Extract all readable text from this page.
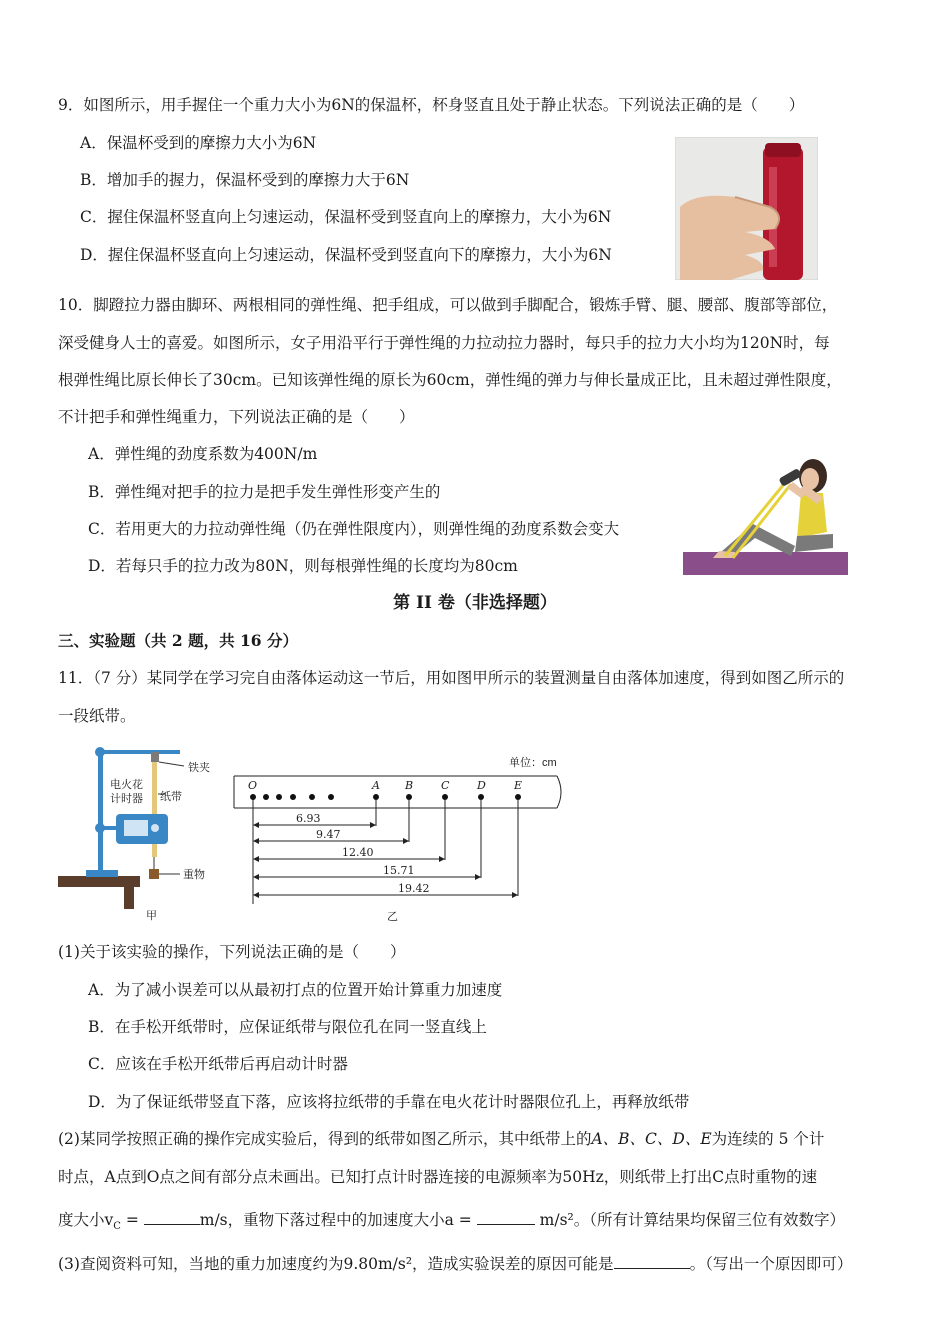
9．如图所示，用手握住一个重力大小为6N的保温杯，杯身竖直且处于静止状态。下列说法正确的是（　　）
A．保温杯受到的摩擦力大小为6N
B．增加手的握力，保温杯受到的摩擦力大于6N
C．握住保温杯竖直向上匀速运动，保温杯受到竖直向上的摩擦力，大小为6N
D．握住保温杯竖直向上匀速运动，保温杯受到竖直向下的摩擦力，大小为6N
10．脚蹬拉力器由脚环、两根相同的弹性绳、把手组成，可以做到手脚配合，锻炼手臂、腿、腰部、腹部等部位，
深受健身人士的喜爱。如图所示，女子用沿平行于弹性绳的力拉动拉力器时，每只手的拉力大小均为120N时，每
根弹性绳比原长伸长了30cm。已知该弹性绳的原长为60cm，弹性绳的弹力与伸长量成正比，且未超过弹性限度，
不计把手和弹性绳重力，下列说法正确的是（　　）
A．弹性绳的劲度系数为400N/m
B．弹性绳对把手的拉力是把手发生弹性形变产生的
C．若用更大的力拉动弹性绳（仍在弹性限度内），则弹性绳的劲度系数会变大
D．若每只手的拉力改为80N，则每根弹性绳的长度均为80cm
第 II 卷（非选择题）
三、实验题（共 2 题，共 16 分）
11．（7 分）某同学在学习完自由落体运动这一节后，用如图甲所示的装置测量自由落体加速度，得到如图乙所示的
一段纸带。
铁夹
电火花
计时器 纸带
重物
甲
单位：cm
O	A B	C	D	E
6.93
9.47
12.40
15.71
19.42
乙
(1)关于该实验的操作，下列说法正确的是（　　）
A．为了减小误差可以从最初打点的位置开始计算重力加速度
B．在手松开纸带时，应保证纸带与限位孔在同一竖直线上
C．应该在手松开纸带后再启动计时器
D．为了保证纸带竖直下落，应该将拉纸带的手靠在电火花计时器限位孔上，再释放纸带
(2)某同学按照正确的操作完成实验后，得到的纸带如图乙所示，其中纸带上的A、B、C、D、E为连续的 5 个计
时点，A点到O点之间有部分点未画出。已知打点计时器连接的电源频率为50Hz，则纸带上打出C点时重物的速
度大小$v_C$ =	m/s，重物下落过程中的加速度大小a =	m/s²。（所有计算结果均保留三位有效数字）
(3)查阅资料可知，当地的重力加速度约为9.80m/s²，造成实验误差的原因可能是	。（写出一个原因即可）
